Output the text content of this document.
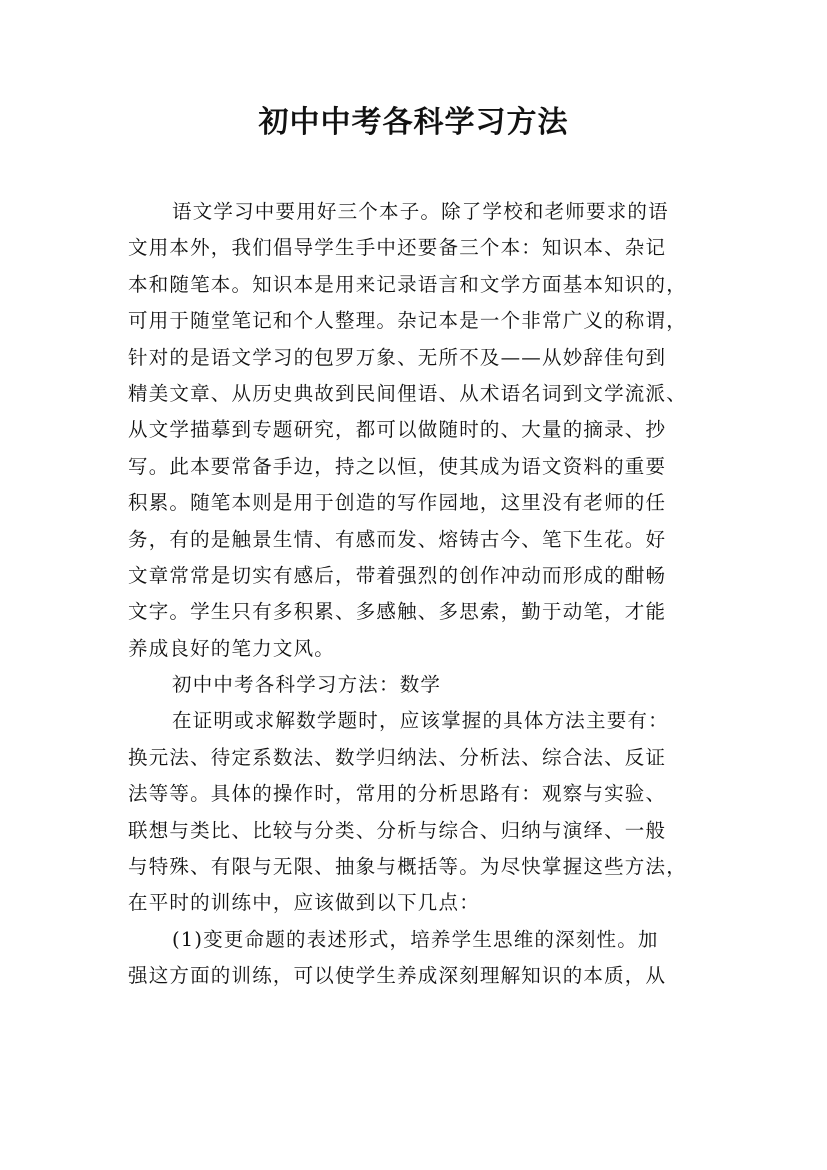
初中中考各科学习方法
语文学习中要用好三个本子。除了学校和老师要求的语
文用本外，我们倡导学生手中还要备三个本：知识本、杂记
本和随笔本。知识本是用来记录语言和文学方面基本知识的，
可用于随堂笔记和个人整理。杂记本是一个非常广义的称谓，
针对的是语文学习的包罗万象、无所不及——从妙辞佳句到
精美文章、从历史典故到民间俚语、从术语名词到文学流派、
从文学描摹到专题研究，都可以做随时的、大量的摘录、抄
写。此本要常备手边，持之以恒，使其成为语文资料的重要
积累。随笔本则是用于创造的写作园地，这里没有老师的任
务，有的是触景生情、有感而发、熔铸古今、笔下生花。好
文章常常是切实有感后，带着强烈的创作冲动而形成的酣畅
文字。学生只有多积累、多感触、多思索，勤于动笔，才能
养成良好的笔力文风。
初中中考各科学习方法：数学
在证明或求解数学题时，应该掌握的具体方法主要有：
换元法、待定系数法、数学归纳法、分析法、综合法、反证
法等等。具体的操作时，常用的分析思路有：观察与实验、
联想与类比、比较与分类、分析与综合、归纳与演绎、一般
与特殊、有限与无限、抽象与概括等。为尽快掌握这些方法，
在平时的训练中，应该做到以下几点：
(1)变更命题的表述形式，培养学生思维的深刻性。加
强这方面的训练，可以使学生养成深刻理解知识的本质，从
